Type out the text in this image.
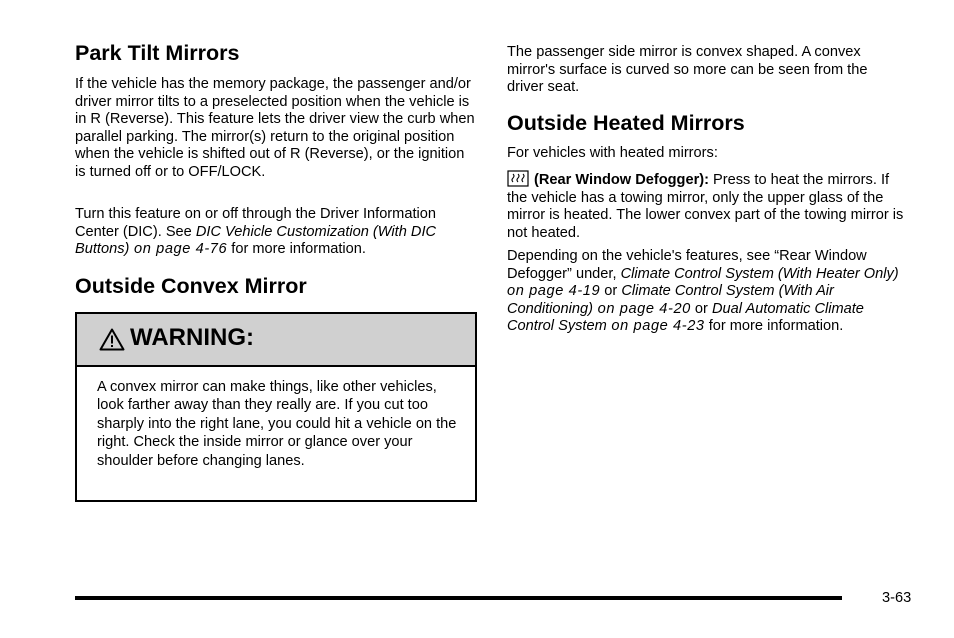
Park Tilt Mirrors

If the vehicle has the memory package, the passenger and/or driver mirror tilts to a preselected position when the vehicle is in R (Reverse). This feature lets the driver view the curb when parallel parking. The mirror(s) return to the original position when the vehicle is shifted out of R (Reverse), or the ignition is turned off or to OFF/LOCK.

Turn this feature on or off through the Driver Information Center (DIC). See DIC Vehicle Customization (With DIC Buttons) on page 4-76 for more information.

Outside Convex Mirror
WARNING:

A convex mirror can make things, like other vehicles, look farther away than they really are. If you cut too sharply into the right lane, you could hit a vehicle on the right. Check the inside mirror or glance over your shoulder before changing lanes.

The passenger side mirror is convex shaped. A convex mirror's surface is curved so more can be seen from the driver seat.

Outside Heated Mirrors

For vehicles with heated mirrors:

(Rear Window Defogger): Press to heat the mirrors. If the vehicle has a towing mirror, only the upper glass of the mirror is heated. The lower convex part of the towing mirror is not heated.

Depending on the vehicle's features, see “Rear Window Defogger” under, Climate Control System (With Heater Only) on page 4-19 or Climate Control System (With Air Conditioning) on page 4-20 or Dual Automatic Climate Control System on page 4-23 for more information.

3-63
